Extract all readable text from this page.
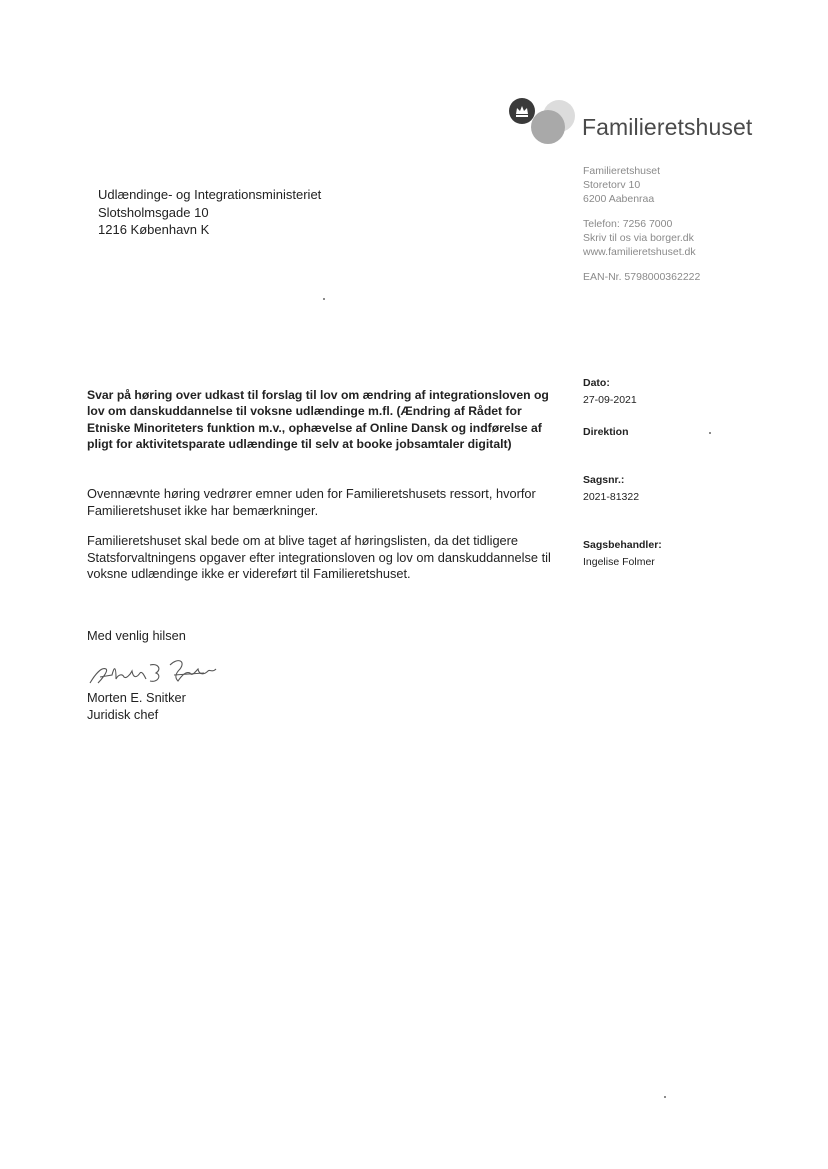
Familieretshuset
Familieretshuset
Storetorv 10
6200 Aabenraa
Telefon: 7256 7000
Skriv til os via borger.dk
www.familieretshuset.dk
EAN-Nr. 5798000362222
Udlændinge- og Integrationsministeriet
Slotsholmsgade 10
1216 København K
Svar på høring over udkast til forslag til lov om ændring af integrationsloven og lov om danskuddannelse til voksne udlændinge m.fl. (Ændring af Rådet for Etniske Minoriteters funktion m.v., ophævelse af Online Dansk og indførelse af pligt for aktivitetsparate udlændinge til selv at booke jobsamtaler digitalt)
Ovennævnte høring vedrører emner uden for Familieretshusets ressort, hvorfor Familieretshuset ikke har bemærkninger.
Familieretshuset skal bede om at blive taget af høringslisten, da det tidligere Statsforvaltningens opgaver efter integrationsloven og lov om danskuddannelse til voksne udlændinge ikke er videreført til Familieretshuset.
Med venlig hilsen
Morten E. Snitker
Juridisk chef
Dato:
27-09-2021
Direktion
Sagsnr.:
2021-81322
Sagsbehandler:
Ingelise Folmer
